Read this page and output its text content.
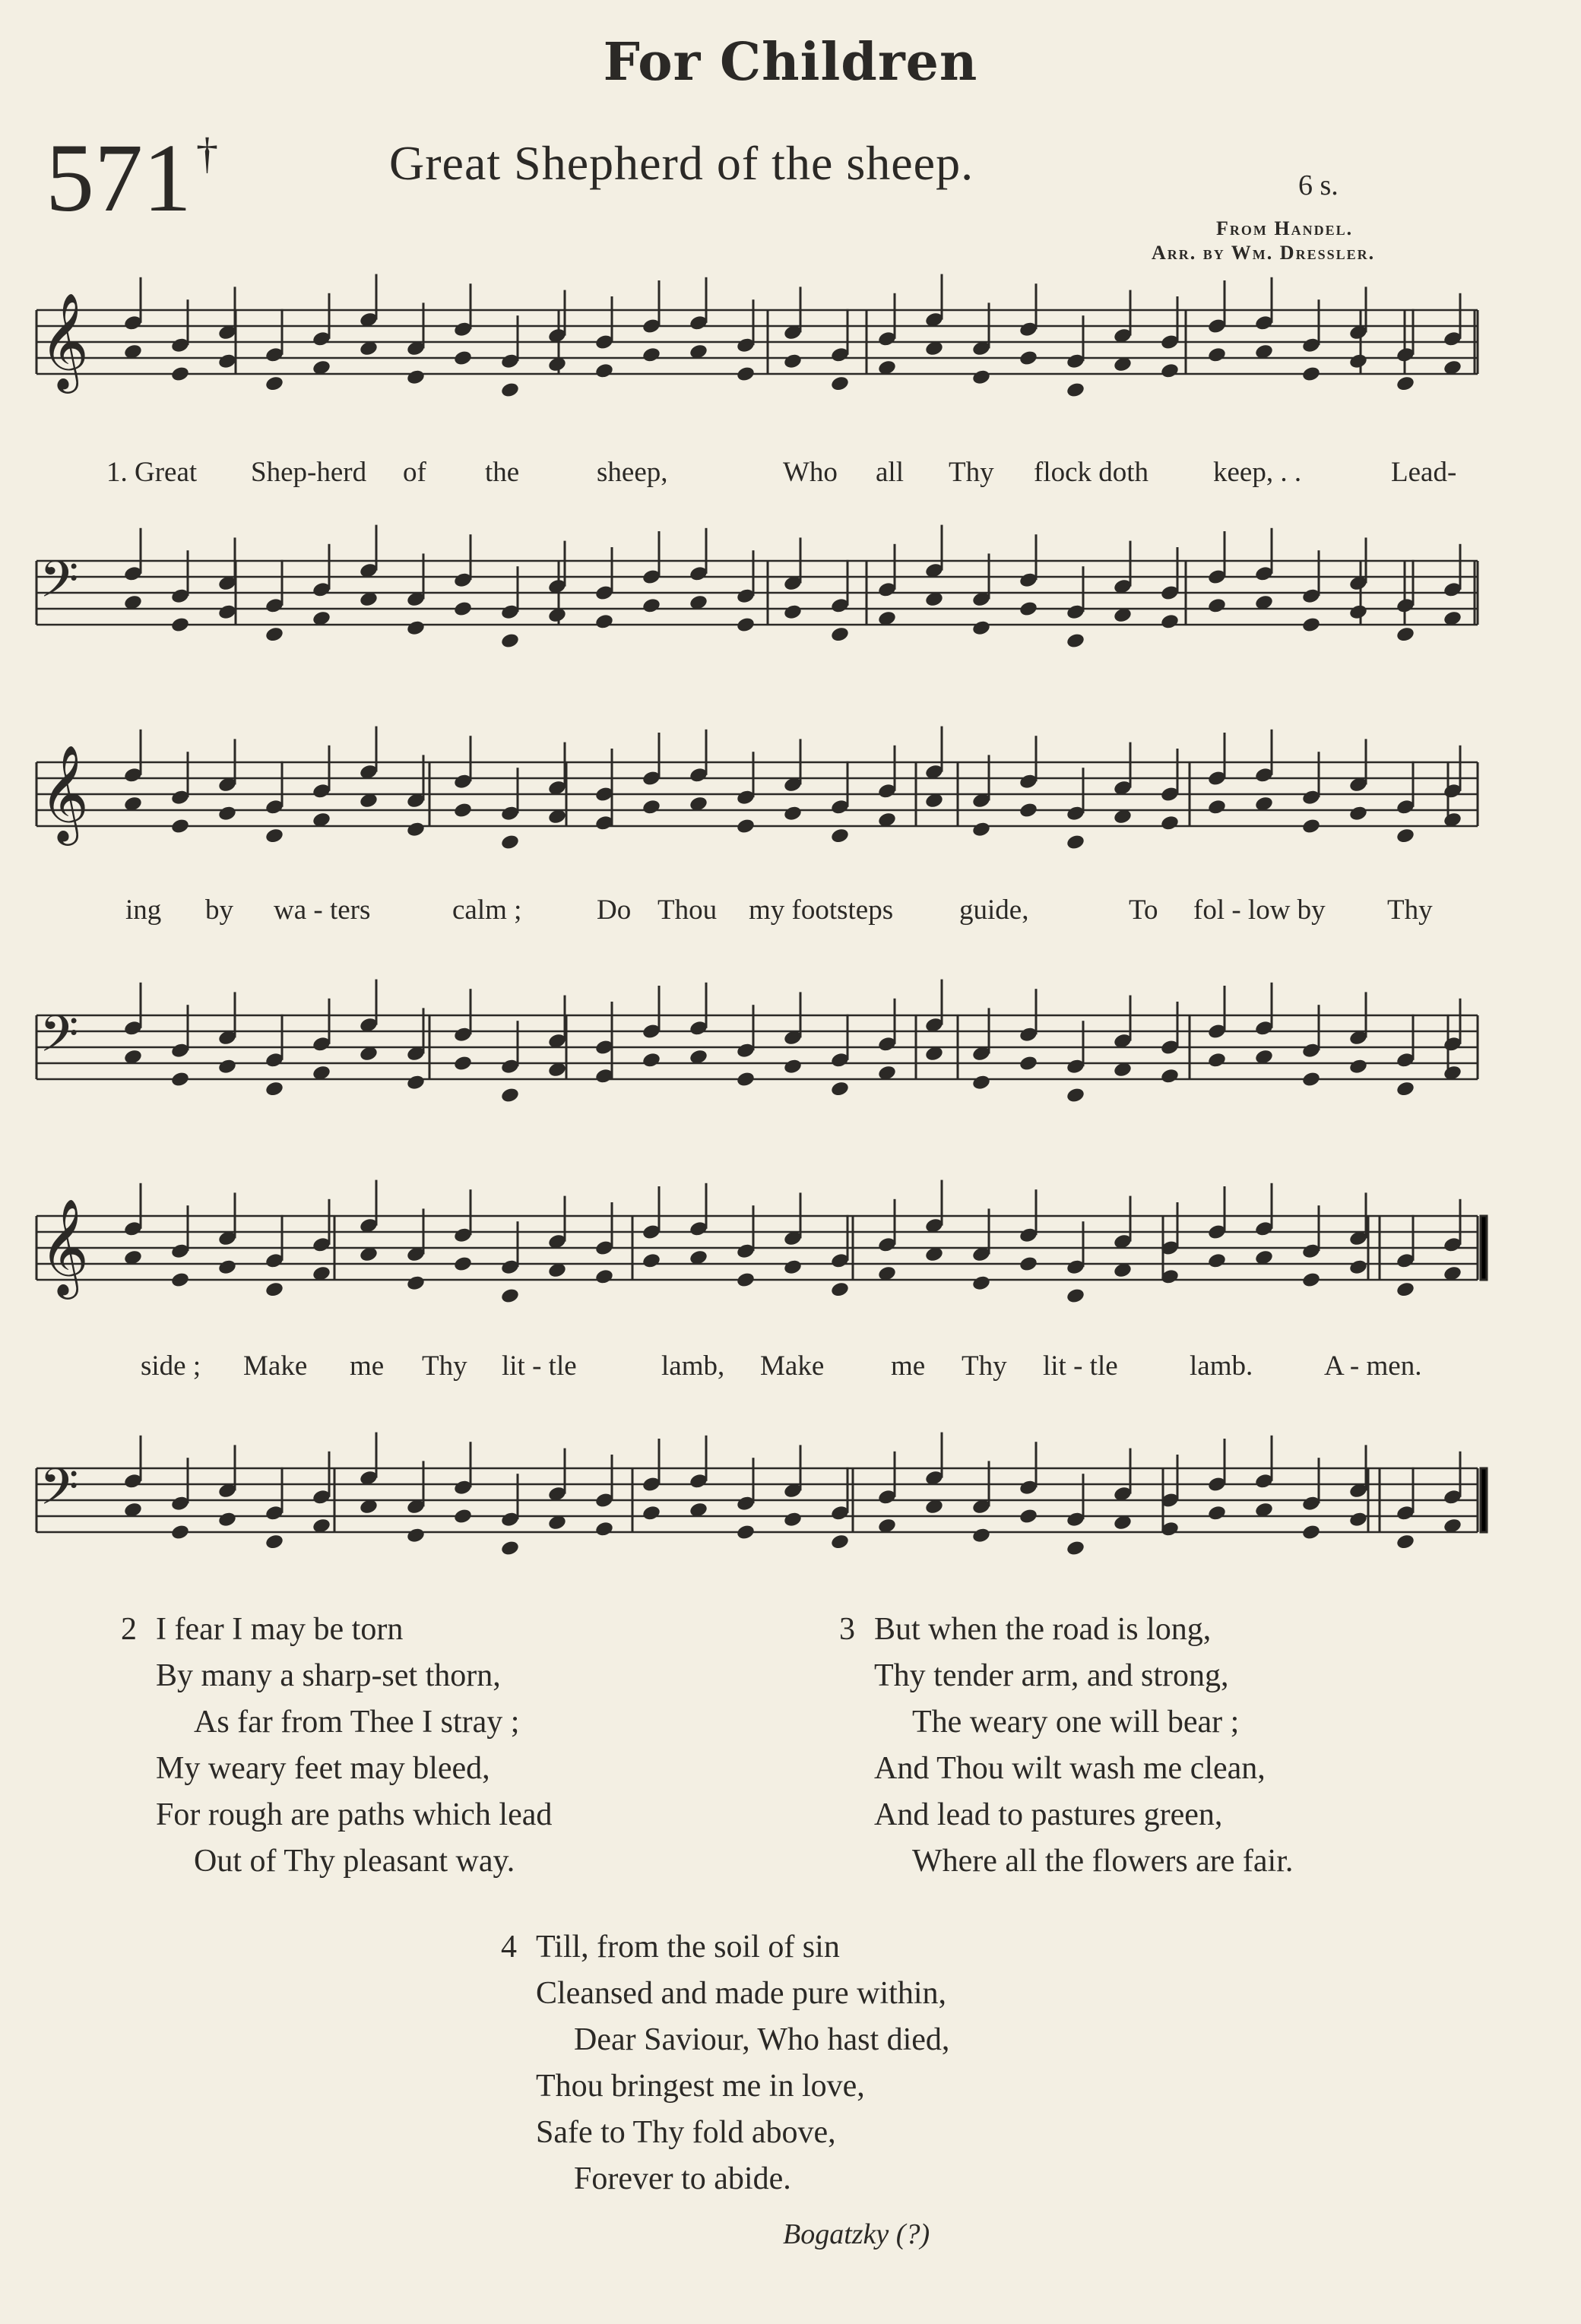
For Children
571 †	Great Shepherd of the sheep.	6 s.
From Handel.
Arr. by Wm. Dressler.
𝄞
𝄢
𝄞
𝄢
𝄞
𝄢
1. Great Shep-herd of the	sheep,	Who all Thy flock doth keep, . .	Lead-
ing by wa - ters	calm ;	Do Thou my footsteps guide,	To fol - low by Thy
side ; Make me Thy lit - tle	lamb, Make me Thy lit - tle	lamb.	A - men.
2 I fear I may be torn
By many a sharp-set thorn,
As far from Thee I stray ;
My weary feet may bleed,
For rough are paths which lead
Out of Thy pleasant way.
3 But when the road is long,
Thy tender arm, and strong,
The weary one will bear ;
And Thou wilt wash me clean,
And lead to pastures green,
Where all the flowers are fair.
4 Till, from the soil of sin
Cleansed and made pure within,
Dear Saviour, Who hast died,
Thou bringest me in love,
Safe to Thy fold above,
Forever to abide.
Bogatzky (?)
